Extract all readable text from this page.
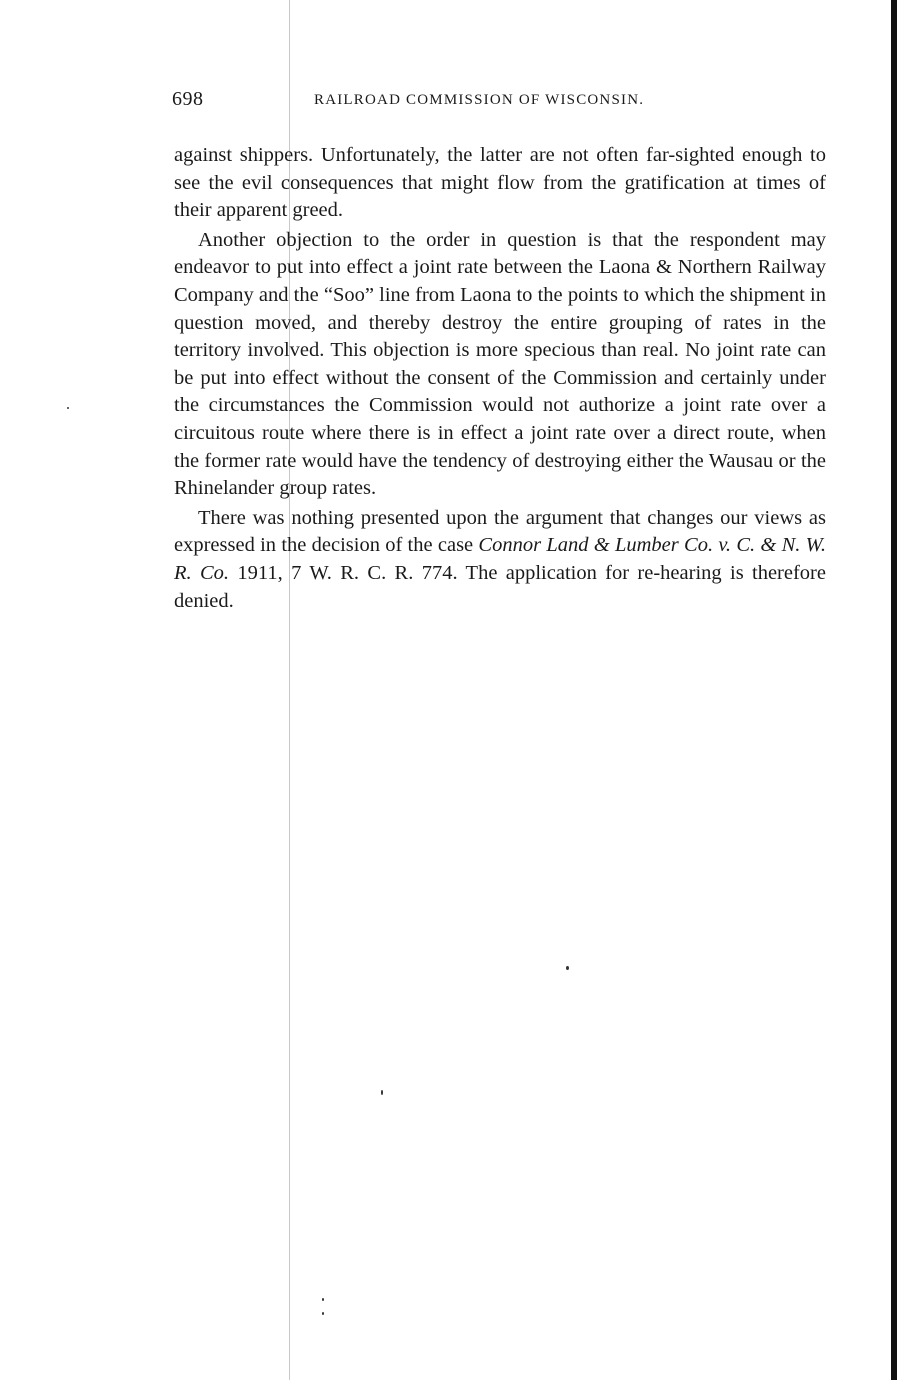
698	RAILROAD COMMISSION OF WISCONSIN.

against shippers. Unfortunately, the latter are not often far-sighted enough to see the evil consequences that might flow from the gratification at times of their apparent greed.

Another objection to the order in question is that the respondent may endeavor to put into effect a joint rate between the Laona & Northern Railway Company and the “Soo” line from Laona to the points to which the shipment in question moved, and thereby destroy the entire grouping of rates in the territory involved. This objection is more specious than real. No joint rate can be put into effect without the consent of the Commission and certainly under the circumstances the Commission would not authorize a joint rate over a circuitous route where there is in effect a joint rate over a direct route, when the former rate would have the tendency of destroying either the Wausau or the Rhinelander group rates.

There was nothing presented upon the argument that changes our views as expressed in the decision of the case Connor Land & Lumber Co. v. C. & N. W. R. Co. 1911, 7 W. R. C. R. 774. The application for re-hearing is therefore denied.
